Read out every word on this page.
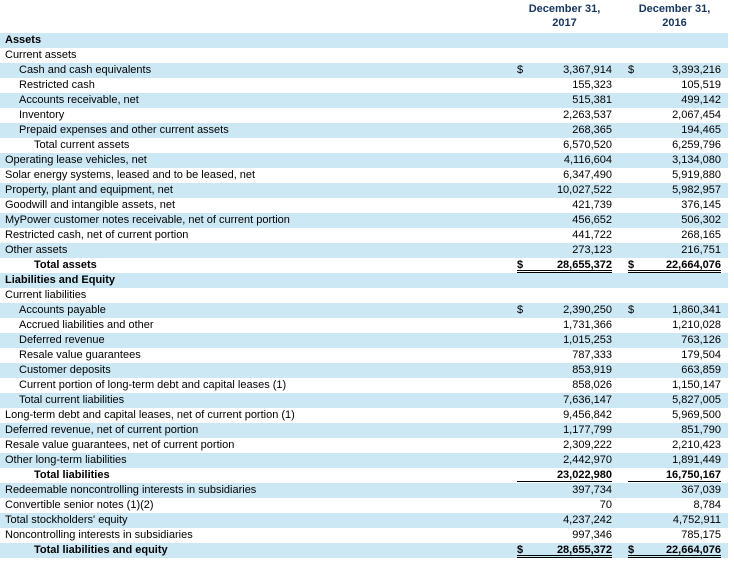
December 31,
2017
December 31,
2016
Assets
Current assets
Cash and cash equivalents	$	3,367,914 $	3,393,216
Restricted cash	155,323	105,519
Accounts receivable, net	515,381	499,142
Inventory	2,263,537	2,067,454
Prepaid expenses and other current assets	268,365	194,465
Total current assets	6,570,520	6,259,796
Operating lease vehicles, net	4,116,604	3,134,080
Solar energy systems, leased and to be leased, net	6,347,490	5,919,880
Property, plant and equipment, net	10,027,522	5,982,957
Goodwill and intangible assets, net	421,739	376,145
MyPower customer notes receivable, net of current portion	456,652	506,302
Restricted cash, net of current portion	441,722	268,165
Other assets	273,123	216,751
Total assets	$	28,655,372 $	22,664,076
Liabilities and Equity
Current liabilities
Accounts payable	$	2,390,250 $	1,860,341
Accrued liabilities and other	1,731,366	1,210,028
Deferred revenue	1,015,253	763,126
Resale value guarantees	787,333	179,504
Customer deposits	853,919	663,859
Current portion of long-term debt and capital leases (1)	858,026	1,150,147
Total current liabilities	7,636,147	5,827,005
Long-term debt and capital leases, net of current portion (1)	9,456,842	5,969,500
Deferred revenue, net of current portion	1,177,799	851,790
Resale value guarantees, net of current portion	2,309,222	2,210,423
Other long-term liabilities	2,442,970	1,891,449
Total liabilities	23,022,980	16,750,167
Redeemable noncontrolling interests in subsidiaries	397,734	367,039
Convertible senior notes (1)(2)	70	8,784
Total stockholders' equity	4,237,242	4,752,911
Noncontrolling interests in subsidiaries	997,346	785,175
Total liabilities and equity	$	28,655,372 $	22,664,076
